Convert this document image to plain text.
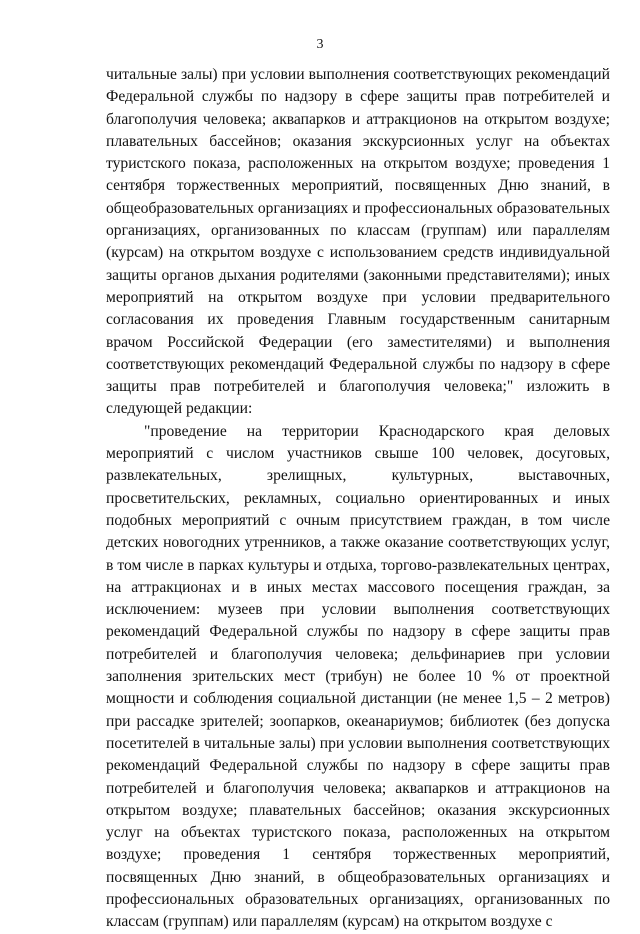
3

читальные залы) при условии выполнения соответствующих рекомендаций Федеральной службы по надзору в сфере защиты прав потребителей и благополучия человека; аквапарков и аттракционов на открытом воздухе; плавательных бассейнов; оказания экскурсионных услуг на объектах туристского показа, расположенных на открытом воздухе; проведения 1 сентября торжественных мероприятий, посвященных Дню знаний, в общеобразовательных организациях и профессиональных образовательных организациях, организованных по классам (группам) или параллелям (курсам) на открытом воздухе с использованием средств индивидуальной защиты органов дыхания родителями (законными представителями); иных мероприятий на открытом воздухе при условии предварительного согласования их проведения Главным государственным санитарным врачом Российской Федерации (его заместителями) и выполнения соответствующих рекомендаций Федеральной службы по надзору в сфере защиты прав потребителей и благополучия человека;" изложить в следующей редакции:

"проведение на территории Краснодарского края деловых мероприятий с числом участников свыше 100 человек, досуговых, развлекательных, зрелищных, культурных, выставочных, просветительских, рекламных, социально ориентированных и иных подобных мероприятий с очным присутствием граждан, в том числе детских новогодних утренников, а также оказание соответствующих услуг, в том числе в парках культуры и отдыха, торгово-развлекательных центрах, на аттракционах и в иных местах массового посещения граждан, за исключением: музеев при условии выполнения соответствующих рекомендаций Федеральной службы по надзору в сфере защиты прав потребителей и благополучия человека; дельфинариев при условии заполнения зрительских мест (трибун) не более 10 % от проектной мощности и соблюдения социальной дистанции (не менее 1,5 – 2 метров) при рассадке зрителей; зоопарков, океанариумов; библиотек (без допуска посетителей в читальные залы) при условии выполнения соответствующих рекомендаций Федеральной службы по надзору в сфере защиты прав потребителей и благополучия человека; аквапарков и аттракционов на открытом воздухе; плавательных бассейнов; оказания экскурсионных услуг на объектах туристского показа, расположенных на открытом воздухе; проведения 1 сентября торжественных мероприятий, посвященных Дню знаний, в общеобразовательных организациях и профессиональных образовательных организациях, организованных по классам (группам) или параллелям (курсам) на открытом воздухе с
